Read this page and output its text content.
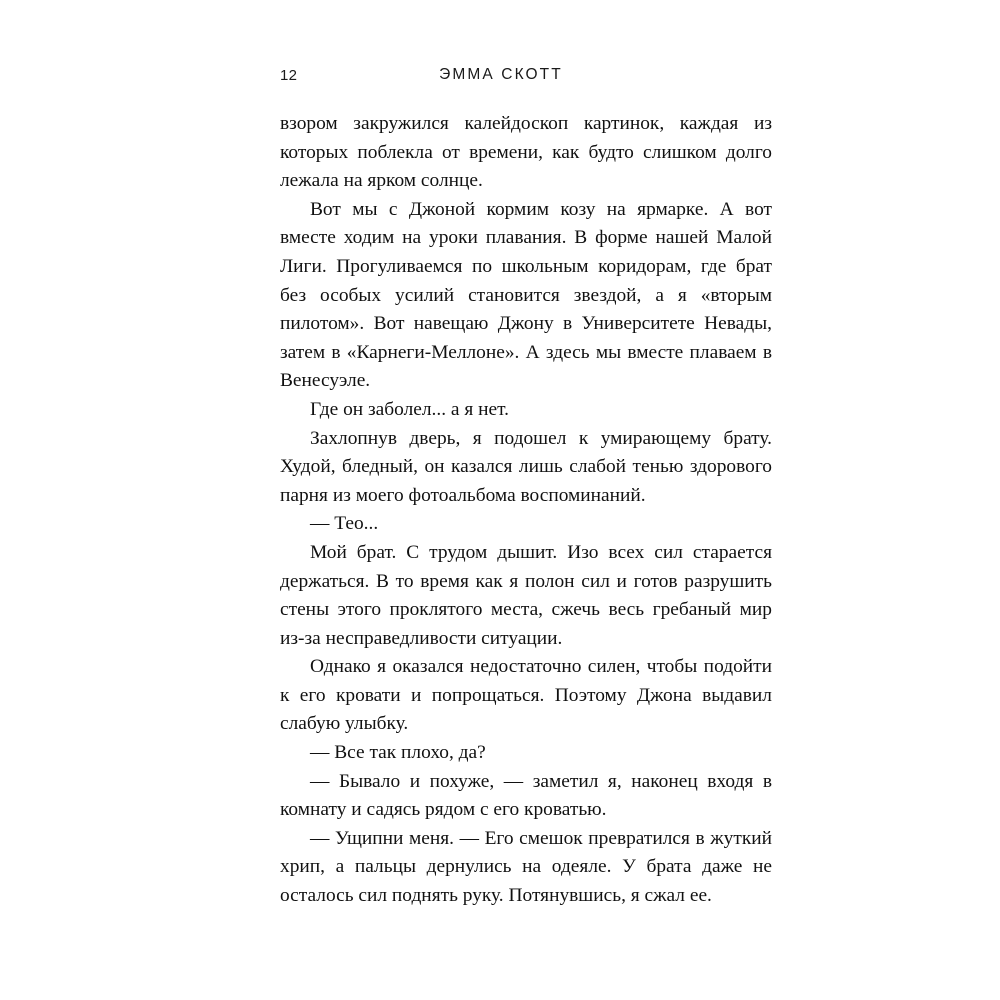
12	ЭММА СКОТТ

взором закружился калейдоскоп картинок, каждая из которых поблекла от времени, как будто слишком долго лежала на ярком солнце.

Вот мы с Джоной кормим козу на ярмарке. А вот вместе ходим на уроки плавания. В форме нашей Малой Лиги. Прогуливаемся по школьным коридорам, где брат без особых усилий становится звездой, а я «вторым пилотом». Вот навещаю Джону в Университете Невады, затем в «Карнеги-Меллоне». А здесь мы вместе плаваем в Венесуэле.

Где он заболел... а я нет.

Захлопнув дверь, я подошел к умирающему брату. Худой, бледный, он казался лишь слабой тенью здорового парня из моего фотоальбома воспоминаний.

— Тео...

Мой брат. С трудом дышит. Изо всех сил старается держаться. В то время как я полон сил и готов разрушить стены этого проклятого места, сжечь весь гребаный мир из-за несправедливости ситуации.

Однако я оказался недостаточно силен, чтобы подойти к его кровати и попрощаться. Поэтому Джона выдавил слабую улыбку.

— Все так плохо, да?

— Бывало и похуже, — заметил я, наконец входя в комнату и садясь рядом с его кроватью.

— Ущипни меня. — Его смешок превратился в жуткий хрип, а пальцы дернулись на одеяле. У брата даже не осталось сил поднять руку. Потянувшись, я сжал ее.
